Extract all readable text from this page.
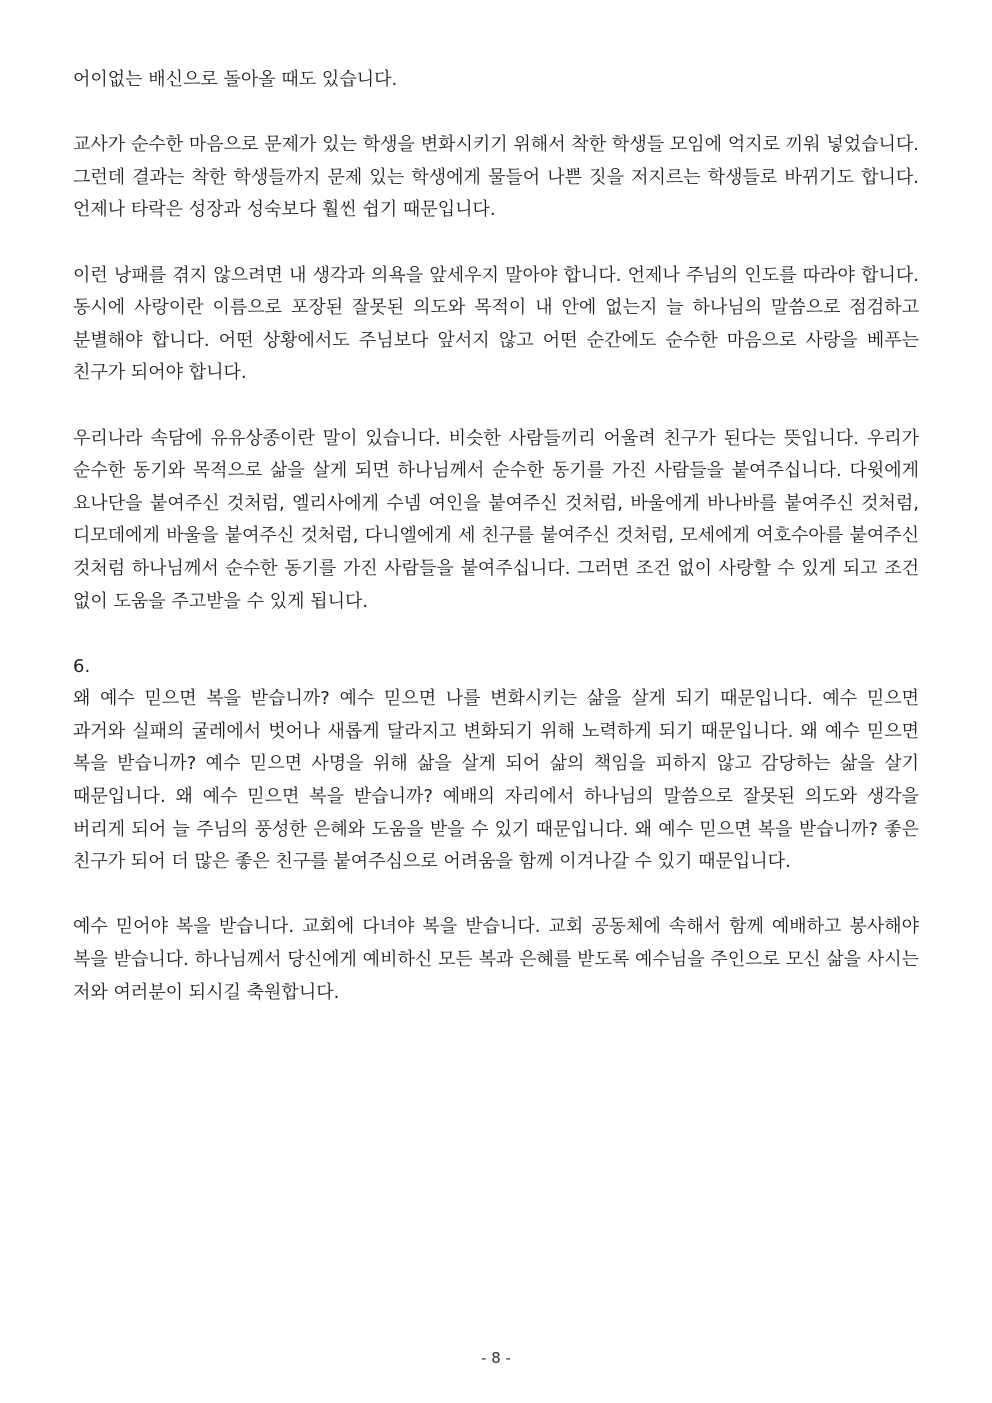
어이없는 배신으로 돌아올 때도 있습니다.

교사가 순수한 마음으로 문제가 있는 학생을 변화시키기 위해서 착한 학생들 모임에 억지로 끼워 넣었습니다. 그런데 결과는 착한 학생들까지 문제 있는 학생에게 물들어 나쁜 짓을 저지르는 학생들로 바뀌기도 합니다. 언제나 타락은 성장과 성숙보다 훨씬 쉽기 때문입니다.

이런 낭패를 겪지 않으려면 내 생각과 의욕을 앞세우지 말아야 합니다. 언제나 주님의 인도를 따라야 합니다. 동시에 사랑이란 이름으로 포장된 잘못된 의도와 목적이 내 안에 없는지 늘 하나님의 말씀으로 점검하고 분별해야 합니다. 어떤 상황에서도 주님보다 앞서지 않고 어떤 순간에도 순수한 마음으로 사랑을 베푸는 친구가 되어야 합니다.

우리나라 속담에 유유상종이란 말이 있습니다. 비슷한 사람들끼리 어울려 친구가 된다는 뜻입니다. 우리가 순수한 동기와 목적으로 삶을 살게 되면 하나님께서 순수한 동기를 가진 사람들을 붙여주십니다. 다윗에게 요나단을 붙여주신 것처럼, 엘리사에게 수넴 여인을 붙여주신 것처럼, 바울에게 바나바를 붙여주신 것처럼, 디모데에게 바울을 붙여주신 것처럼, 다니엘에게 세 친구를 붙여주신 것처럼, 모세에게 여호수아를 붙여주신 것처럼 하나님께서 순수한 동기를 가진 사람들을 붙여주십니다. 그러면 조건 없이 사랑할 수 있게 되고 조건 없이 도움을 주고받을 수 있게 됩니다.

6.

왜 예수 믿으면 복을 받습니까? 예수 믿으면 나를 변화시키는 삶을 살게 되기 때문입니다. 예수 믿으면 과거와 실패의 굴레에서 벗어나 새롭게 달라지고 변화되기 위해 노력하게 되기 때문입니다. 왜 예수 믿으면 복을 받습니까? 예수 믿으면 사명을 위해 삶을 살게 되어 삶의 책임을 피하지 않고 감당하는 삶을 살기 때문입니다. 왜 예수 믿으면 복을 받습니까? 예배의 자리에서 하나님의 말씀으로 잘못된 의도와 생각을 버리게 되어 늘 주님의 풍성한 은혜와 도움을 받을 수 있기 때문입니다. 왜 예수 믿으면 복을 받습니까? 좋은 친구가 되어 더 많은 좋은 친구를 붙여주심으로 어려움을 함께 이겨나갈 수 있기 때문입니다.

예수 믿어야 복을 받습니다. 교회에 다녀야 복을 받습니다. 교회 공동체에 속해서 함께 예배하고 봉사해야 복을 받습니다. 하나님께서 당신에게 예비하신 모든 복과 은혜를 받도록 예수님을 주인으로 모신 삶을 사시는 저와 여러분이 되시길 축원합니다.

- 8 -
